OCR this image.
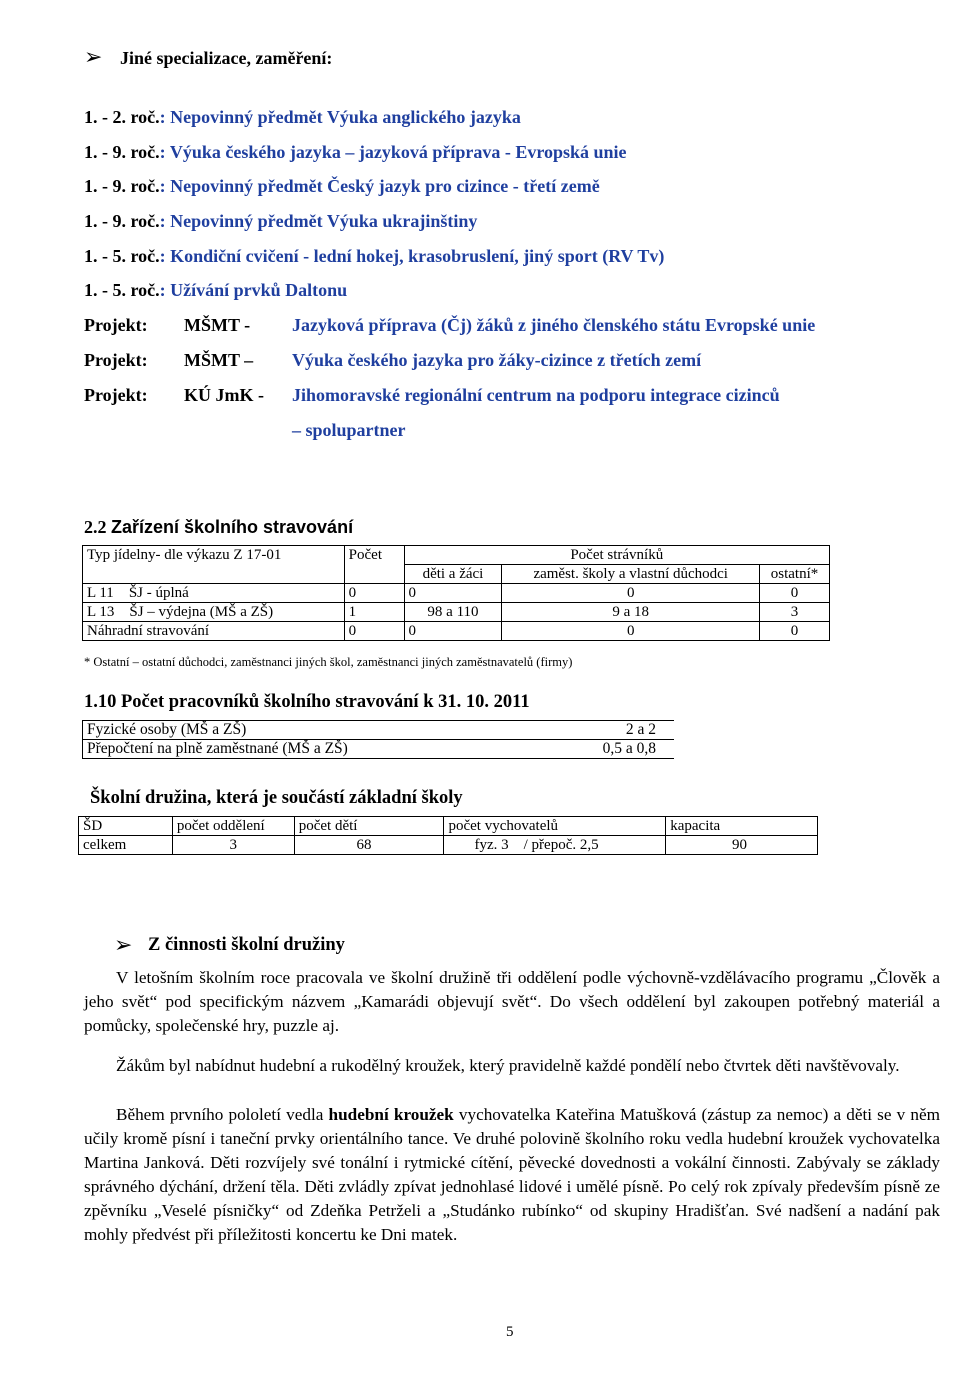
➢ Jiné specializace, zaměření:
1. - 2. roč.: Nepovinný předmět Výuka anglického jazyka
1. - 9. roč.: Výuka českého jazyka – jazyková příprava - Evropská unie
1. - 9. roč.: Nepovinný předmět Český jazyk pro cizince - třetí země
1. - 9. roč.: Nepovinný předmět Výuka ukrajinštiny
1. - 5. roč.: Kondiční cvičení - lední hokej, krasobruslení, jiný sport (RV Tv)
1. - 5. roč.: Užívání prvků Daltonu
Projekt: MŠMT - Jazyková příprava (Čj) žáků z jiného členského státu Evropské unie
Projekt: MŠMT – Výuka českého jazyka pro žáky-cizince z třetích zemí
Projekt: KÚ JmK - Jihomoravské regionální centrum na podporu integrace cizinců
– spolupartner
2.2 Zařízení školního stravování
Typ jídelny- dle výkazu Z 17-01	Počet	Počet strávníků		
		děti a žáci	zaměst. školy a vlastní důchodci	ostatní*
L 11 ŠJ - úplná	0	0	0	0
L 13 ŠJ – výdejna (MŠ a ZŠ)	1	98 a 110	9 a 18	3
Náhradní stravování	0	0	0	0
* Ostatní – ostatní důchodci, zaměstnanci jiných škol, zaměstnanci jiných zaměstnavatelů (firmy)
1.10 Počet pracovníků školního stravování k 31. 10. 2011
Fyzické osoby (MŠ a ZŠ)	2 a 2
Přepočtení na plně zaměstnané (MŠ a ZŠ)	0,5 a 0,8
Školní družina, která je součástí základní školy
ŠD	počet oddělení	počet dětí	počet vychovatelů	kapacita
celkem	3	68	fyz. 3 / přepoč. 2,5	90
➢ Z činnosti školní družiny

V letošním školním roce pracovala ve školní družině tři oddělení podle výchovně-vzdělávacího programu „Člověk a jeho svět“ pod specifickým názvem „Kamarádi objevují svět“. Do všech oddělení byl zakoupen potřebný materiál a pomůcky, společenské hry, puzzle aj.

Žákům byl nabídnut hudební a rukodělný kroužek, který pravidelně každé pondělí nebo čtvrtek děti navštěvovaly.

Během prvního pololetí vedla hudební kroužek vychovatelka Kateřina Matušková (zástup za nemoc) a děti se v něm učily kromě písní i taneční prvky orientálního tance. Ve druhé polovině školního roku vedla hudební kroužek vychovatelka Martina Janková. Děti rozvíjely své tonální i rytmické cítění, pěvecké dovednosti a vokální činnosti. Zabývaly se základy správného dýchání, držení těla. Děti zvládly zpívat jednohlasé lidové i umělé písně. Po celý rok zpívaly především písně ze zpěvníku „Veselé písničky“ od Zdeňka Petrželi a „Studánko rubínko“ od skupiny Hradišťan. Své nadšení a nadání pak mohly předvést při příležitosti koncertu ke Dni matek.

5
